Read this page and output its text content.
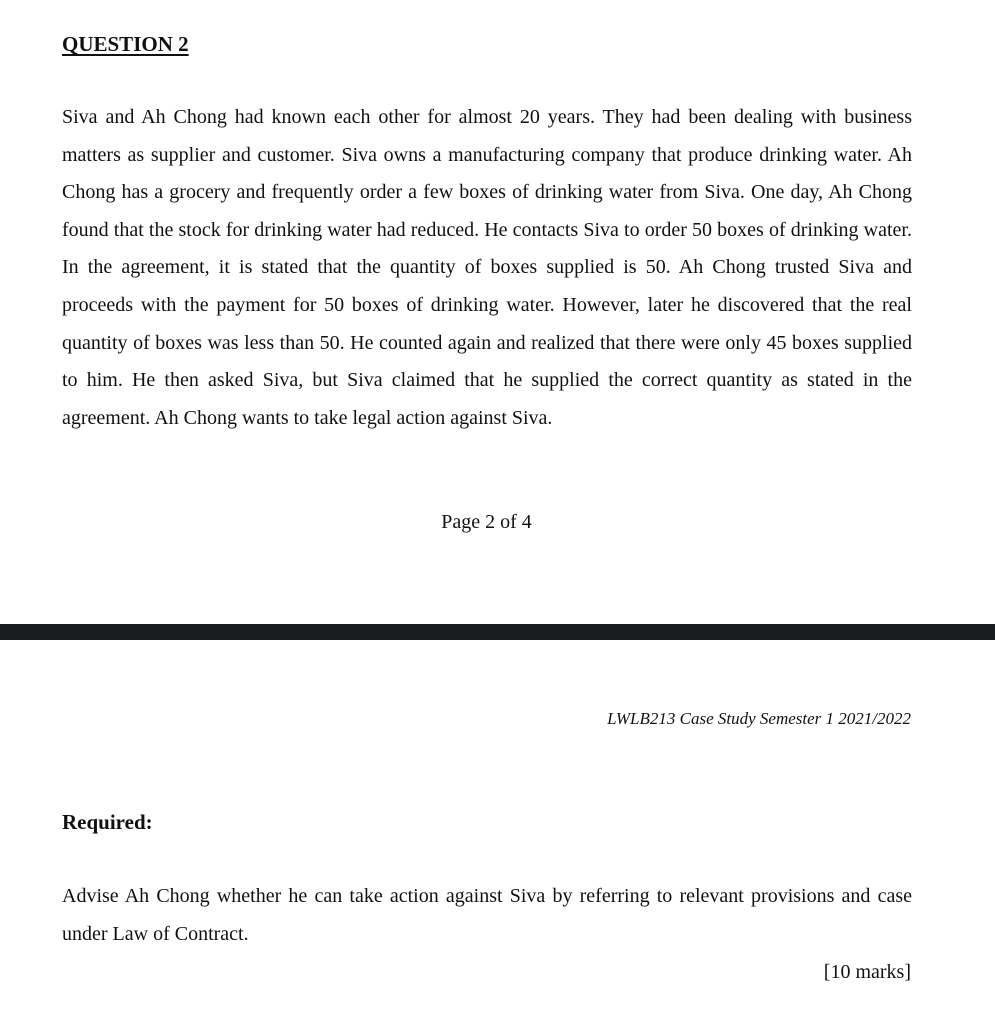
QUESTION 2
Siva and Ah Chong had known each other for almost 20 years. They had been dealing with business matters as supplier and customer. Siva owns a manufacturing company that produce drinking water. Ah Chong has a grocery and frequently order a few boxes of drinking water from Siva. One day, Ah Chong found that the stock for drinking water had reduced. He contacts Siva to order 50 boxes of drinking water. In the agreement, it is stated that the quantity of boxes supplied is 50. Ah Chong trusted Siva and proceeds with the payment for 50 boxes of drinking water. However, later he discovered that the real quantity of boxes was less than 50. He counted again and realized that there were only 45 boxes supplied to him. He then asked Siva, but Siva claimed that he supplied the correct quantity as stated in the agreement. Ah Chong wants to take legal action against Siva.
Page 2 of 4
LWLB213 Case Study Semester 1 2021/2022
Required:
Advise Ah Chong whether he can take action against Siva by referring to relevant provisions and case under Law of Contract.
[10 marks]
